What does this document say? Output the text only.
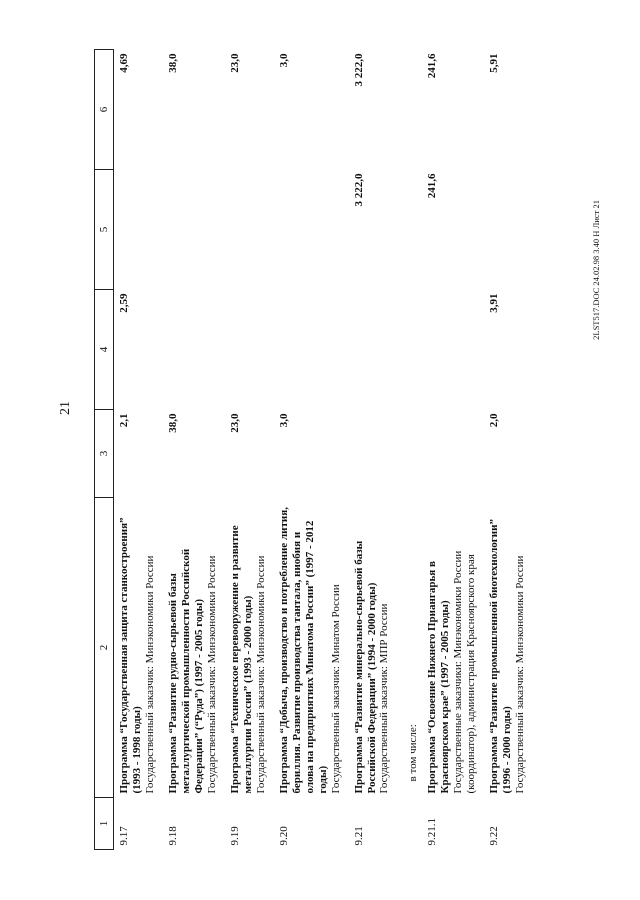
21
2LST517.DOC 24.02.98 3.40 H Лист 21
1	2	3	4	5	6
9.17	Программа “Государственная защита станкостроения” (1993 - 1998 годы) Государственный заказчик: Минэкономики России	2,1	2,59		4,69
9.18	Программа “Развитие рудно-сырьевой базы металлургической промышленности Российской Федерации” (“Руда”) (1997 - 2005 годы) Государственный заказчик: Минэкономики России	38,0			38,0
9.19	Программа “Техническое перевооружение и развитие металлургии России” (1993 - 2000 годы) Государственный заказчик: Минэкономики России	23,0			23,0
9.20	Программа “Добыча, производство и потребление лития, бериллия. Развитие производства тантала, ниобия и олова на предприятиях Минатома России” (1997 - 2012 годы) Государственный заказчик: Минатом России	3,0			3,0
9.21	Программа “Развитие минерально-сырьевой базы Российской Федерации” (1994 - 2000 годы) Государственный заказчик: МПР России			3 222,0	3 222,0

	в том числе:				

9.21.1	Программа “Освоение Нижнего Приангарья в Красноярском крае” (1997 - 2005 годы) Государственные заказчики: Минэкономики России (координатор), администрация Красноярского края			241,6	241,6
9.22	Программа “Развитие промышленной биотехнологии” (1996 - 2000 годы) Государственный заказчик: Минэкономики России	2,0	3,91		5,91
